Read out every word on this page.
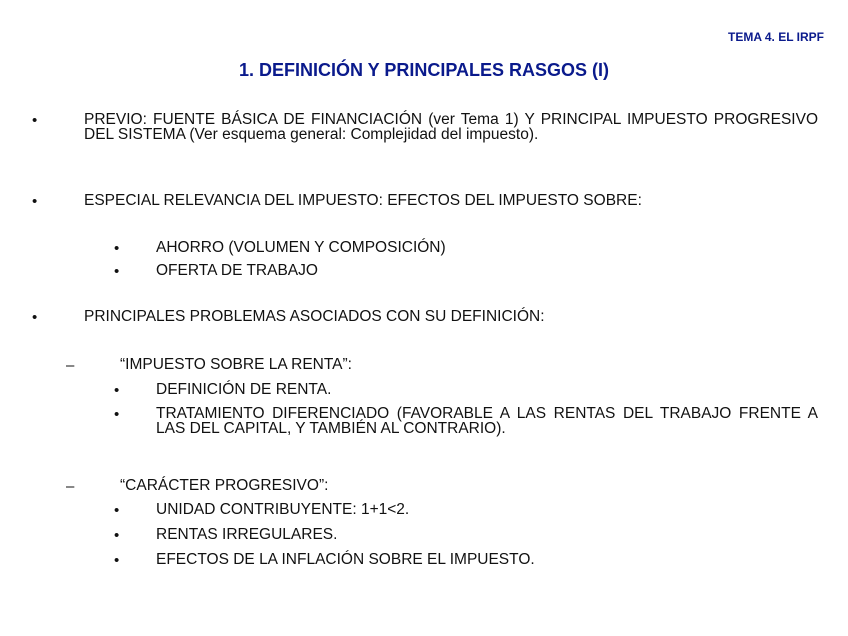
TEMA 4. EL IRPF
1. DEFINICIÓN Y PRINCIPALES RASGOS (I)
•	PREVIO: FUENTE BÁSICA DE FINANCIACIÓN (ver Tema 1) Y PRINCIPAL IMPUESTO PROGRESIVO DEL SISTEMA (Ver esquema general: Complejidad del impuesto).
•	ESPECIAL RELEVANCIA DEL IMPUESTO: EFECTOS DEL IMPUESTO SOBRE:
• AHORRO (VOLUMEN Y COMPOSICIÓN)
• OFERTA DE TRABAJO
•	PRINCIPALES PROBLEMAS ASOCIADOS CON SU DEFINICIÓN:
–	“IMPUESTO SOBRE LA RENTA”:
• DEFINICIÓN DE RENTA.
• TRATAMIENTO DIFERENCIADO (FAVORABLE A LAS RENTAS DEL TRABAJO FRENTE A LAS DEL CAPITAL, Y TAMBIÉN AL CONTRARIO).
–	“CARÁCTER PROGRESIVO”:
• UNIDAD CONTRIBUYENTE: 1+1<2.
• RENTAS IRREGULARES.
• EFECTOS DE LA INFLACIÓN SOBRE EL IMPUESTO.
